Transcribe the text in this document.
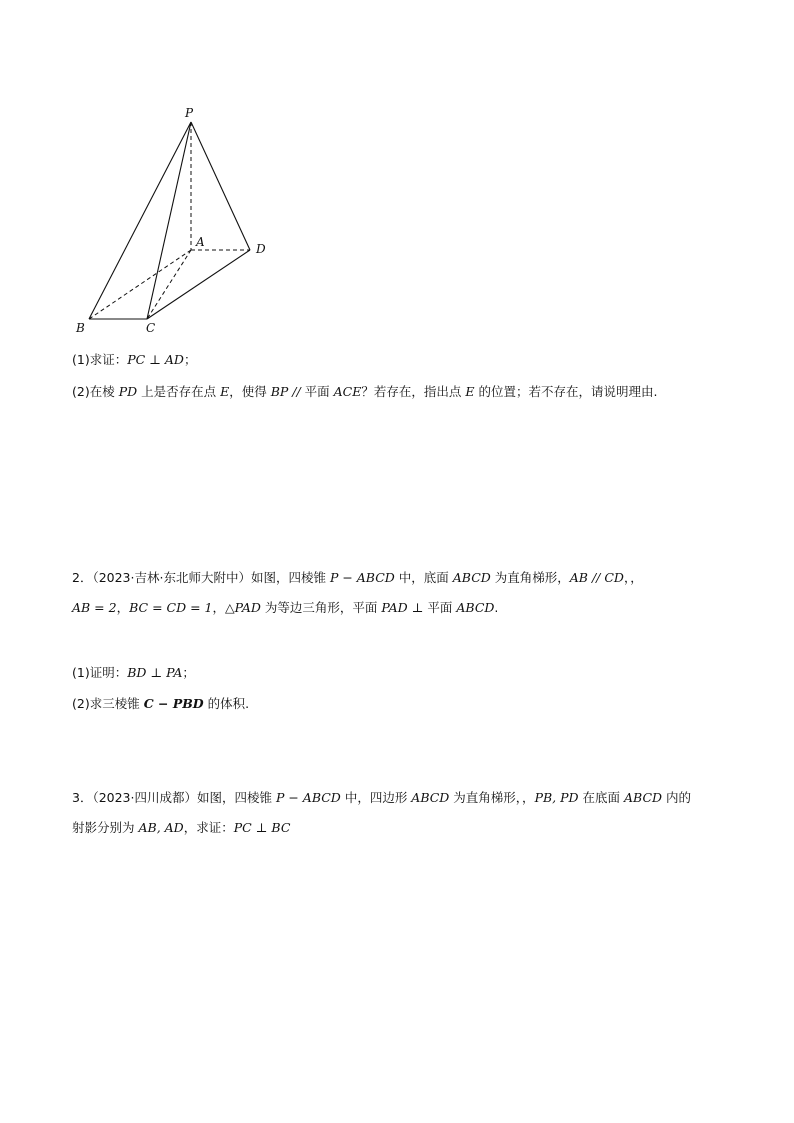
P
A	D
B	C
(1)求证：PC ⊥ AD；
(2)在棱 PD 上是否存在点 E，使得 BP // 平面 ACE？若存在，指出点 E 的位置；若不存在，请说明理由.
2．（2023·吉林·东北师大附中）如图，四棱锥 P − ABCD 中，底面 ABCD 为直角梯形，AB // CD，，
AB = 2，BC = CD = 1，△PAD 为等边三角形，平面 PAD ⊥ 平面 ABCD.
(1)证明：BD ⊥ PA；
(2)求三棱锥 C − PBD 的体积.
3．（2023·四川成都）如图，四棱锥 P − ABCD 中，四边形 ABCD 为直角梯形，，PB, PD 在底面 ABCD 内的
射影分别为 AB, AD，求证：PC ⊥ BC
